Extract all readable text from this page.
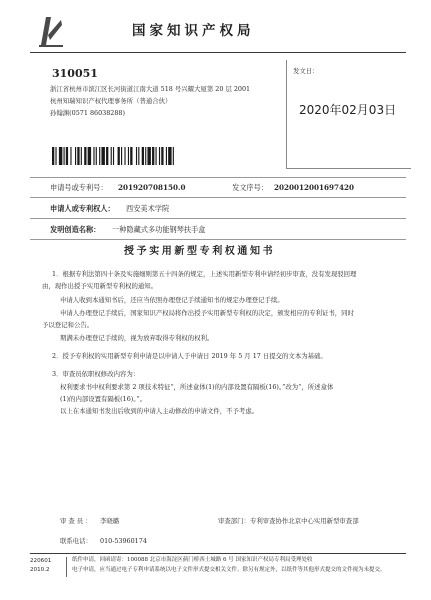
国家知识产权局
310051
浙江省杭州市滨江区长河街道江南大道 518 号兴耀大厦第 20 层 2001
杭州知瑞知识产权代理事务所（普通合伙）
孙翰渊(0571 86038288)
发文日：
2020年02月03日
申请号或专利号： 201920708150.0	发文序号： 2020012001697420
申请人或专利权人： 西安美术学院
发明创造名称： 一种隐藏式多功能钢琴扶手盒
授予实用新型专利权通知书
1．根据专利法第四十条及实施细则第五十四条的规定，上述实用新型专利申请经初步审查，没有发现驳回理
由，现作出授予实用新型专利权的通知。
申请人收到本通知书后，还应当依照办理登记手续通知书的规定办理登记手续。
申请人办理登记手续后，国家知识产权局将作出授予实用新型专利权的决定，颁发相应的专利证书，同时
予以登记和公告。
期满未办理登记手续的，视为放弃取得专利权的权利。
2．授予专利权的实用新型专利申请是以申请人于申请日 2019 年 5 月 17 日提交的文本为基础。
3．审查员依职权修改内容为：
权利要求书中权利要求第 2 项技术特征“，所述盒体(1)的内部设置有隔板(16)。”改为“，所述盒体
(1)的内部设置有隔板(16)。”。
以上在本通知书发出后收到的申请人主动修改的申请文件，不予考虑。
审查员： 李晓璐	审查部门：专利审查协作北京中心实用新型审查部
联系电话： 010-53960174
220601
2010.2
纸件申请，回函请寄：100088 北京市海淀区蓟门桥西土城路 6 号 国家知识产权局专利局受理处收
电子申请，应当通过电子专利申请系统以电子文件形式提交相关文件。除另有规定外，以纸件等其他形式提交的文件视为未提交。
